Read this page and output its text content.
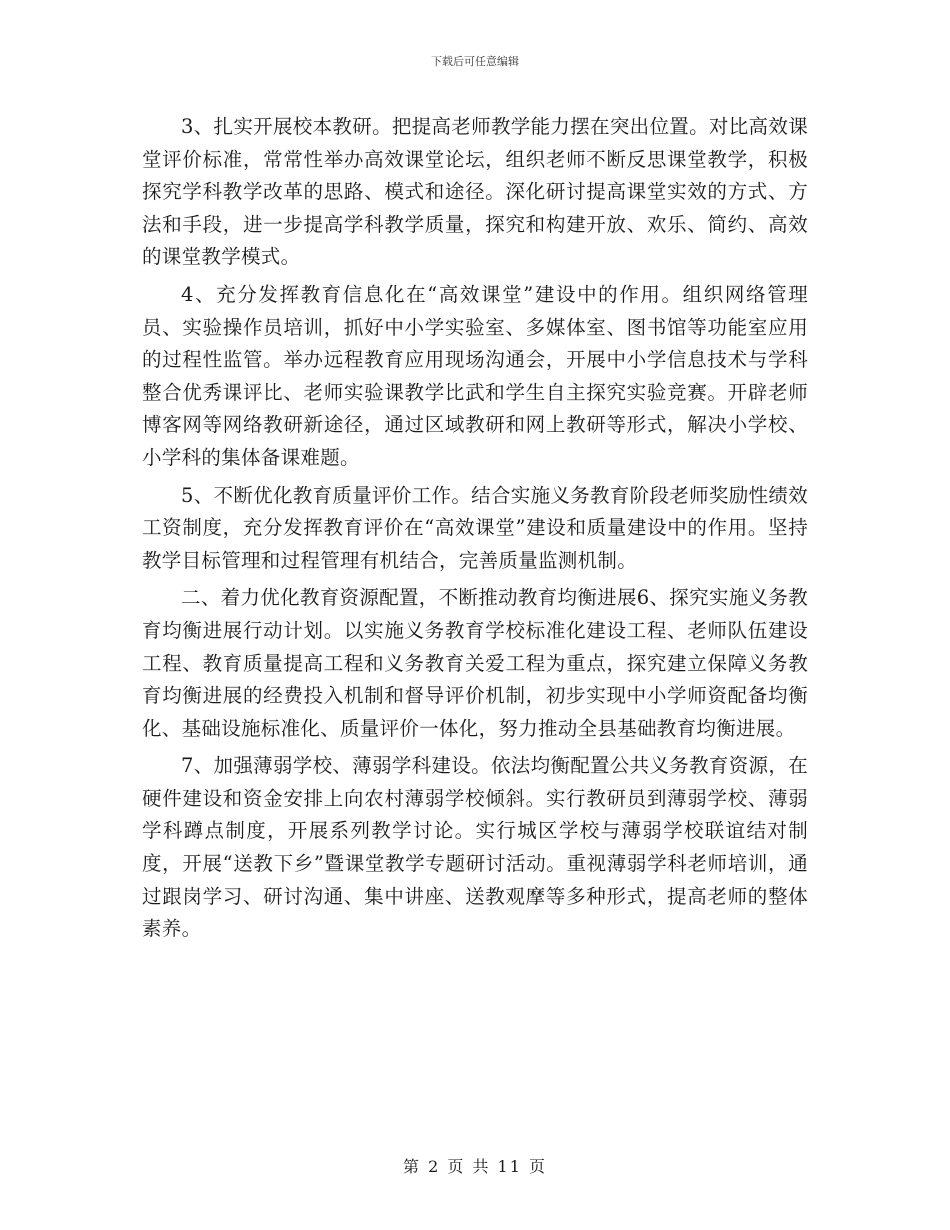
下载后可任意编辑

3、扎实开展校本教研。把提高老师教学能力摆在突出位置。对比高效课堂评价标准，常常性举办高效课堂论坛，组织老师不断反思课堂教学，积极探究学科教学改革的思路、模式和途径。深化研讨提高课堂实效的方式、方法和手段，进一步提高学科教学质量，探究和构建开放、欢乐、简约、高效的课堂教学模式。

4、充分发挥教育信息化在“高效课堂”建设中的作用。组织网络管理员、实验操作员培训，抓好中小学实验室、多媒体室、图书馆等功能室应用的过程性监管。举办远程教育应用现场沟通会，开展中小学信息技术与学科整合优秀课评比、老师实验课教学比武和学生自主探究实验竞赛。开辟老师博客网等网络教研新途径，通过区域教研和网上教研等形式，解决小学校、小学科的集体备课难题。

5、不断优化教育质量评价工作。结合实施义务教育阶段老师奖励性绩效工资制度，充分发挥教育评价在“高效课堂”建设和质量建设中的作用。坚持教学目标管理和过程管理有机结合，完善质量监测机制。

二、着力优化教育资源配置，不断推动教育均衡进展6、探究实施义务教育均衡进展行动计划。以实施义务教育学校标准化建设工程、老师队伍建设工程、教育质量提高工程和义务教育关爱工程为重点，探究建立保障义务教育均衡进展的经费投入机制和督导评价机制，初步实现中小学师资配备均衡化、基础设施标准化、质量评价一体化，努力推动全县基础教育均衡进展。

7、加强薄弱学校、薄弱学科建设。依法均衡配置公共义务教育资源，在硬件建设和资金安排上向农村薄弱学校倾斜。实行教研员到薄弱学校、薄弱学科蹲点制度，开展系列教学讨论。实行城区学校与薄弱学校联谊结对制度，开展“送教下乡”暨课堂教学专题研讨活动。重视薄弱学科老师培训，通过跟岗学习、研讨沟通、集中讲座、送教观摩等多种形式，提高老师的整体素养。

第 2 页 共 11 页
